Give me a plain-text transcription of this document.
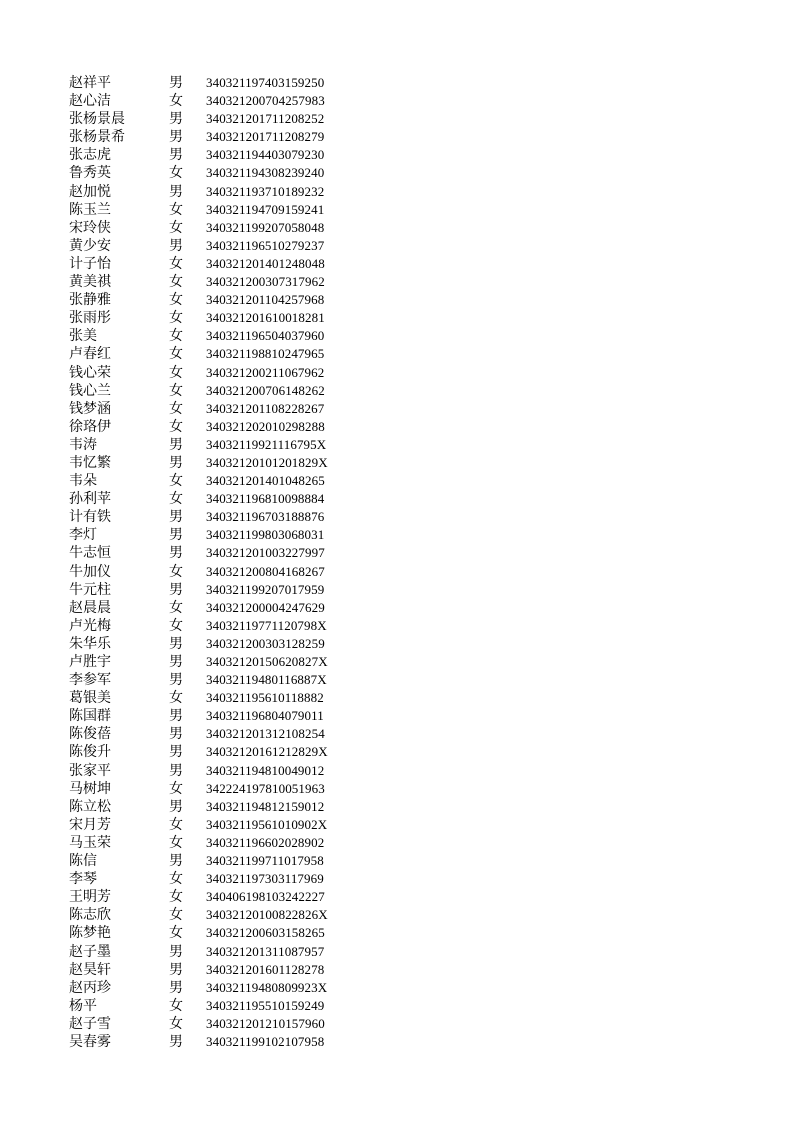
赵祥平	男 340321197403159250
赵心洁	女 340321200704257983
张杨景晨	男 340321201711208252
张杨景希	男 340321201711208279
张志虎	男 340321194403079230
鲁秀英	女 340321194308239240
赵加悦	男 340321193710189232
陈玉兰	女 340321194709159241
宋玲侠	女 340321199207058048
黄少安	男 340321196510279237
计子怡	女 340321201401248048
黄美祺	女 340321200307317962
张静雅	女 340321201104257968
张雨彤	女 340321201610018281
张美	女 340321196504037960
卢春红	女 340321198810247965
钱心荣	女 340321200211067962
钱心兰	女 340321200706148262
钱梦涵	女 340321201108228267
徐珞伊	女 340321202010298288
韦涛	男 34032119921116795X
韦忆繁	男 34032120101201829X
韦朵	女 340321201401048265
孙利苹	女 340321196810098884
计有铁	男 340321196703188876
李灯	男 340321199803068031
牛志恒	男 340321201003227997
牛加仪	女 340321200804168267
牛元柱	男 340321199207017959
赵晨晨	女 340321200004247629
卢光梅	女 34032119771120798X
朱华乐	男 340321200303128259
卢胜宇	男 34032120150620827X
李参军	男 34032119480116887X
葛银美	女 340321195610118882
陈国群	男 340321196804079011
陈俊蓓	男 340321201312108254
陈俊升	男 34032120161212829X
张家平	男 340321194810049012
马树坤	女 342224197810051963
陈立松	男 340321194812159012
宋月芳	女 34032119561010902X
马玉荣	女 340321196602028902
陈信	男 340321199711017958
李琴	女 340321197303117969
王明芳	女 340406198103242227
陈志欣	女 34032120100822826X
陈梦艳	女 340321200603158265
赵子墨	男 340321201311087957
赵昊轩	男 340321201601128278
赵丙珍	男 34032119480809923X
杨平	女 340321195510159249
赵子雪	女 340321201210157960
吴春雾	男 340321199102107958
